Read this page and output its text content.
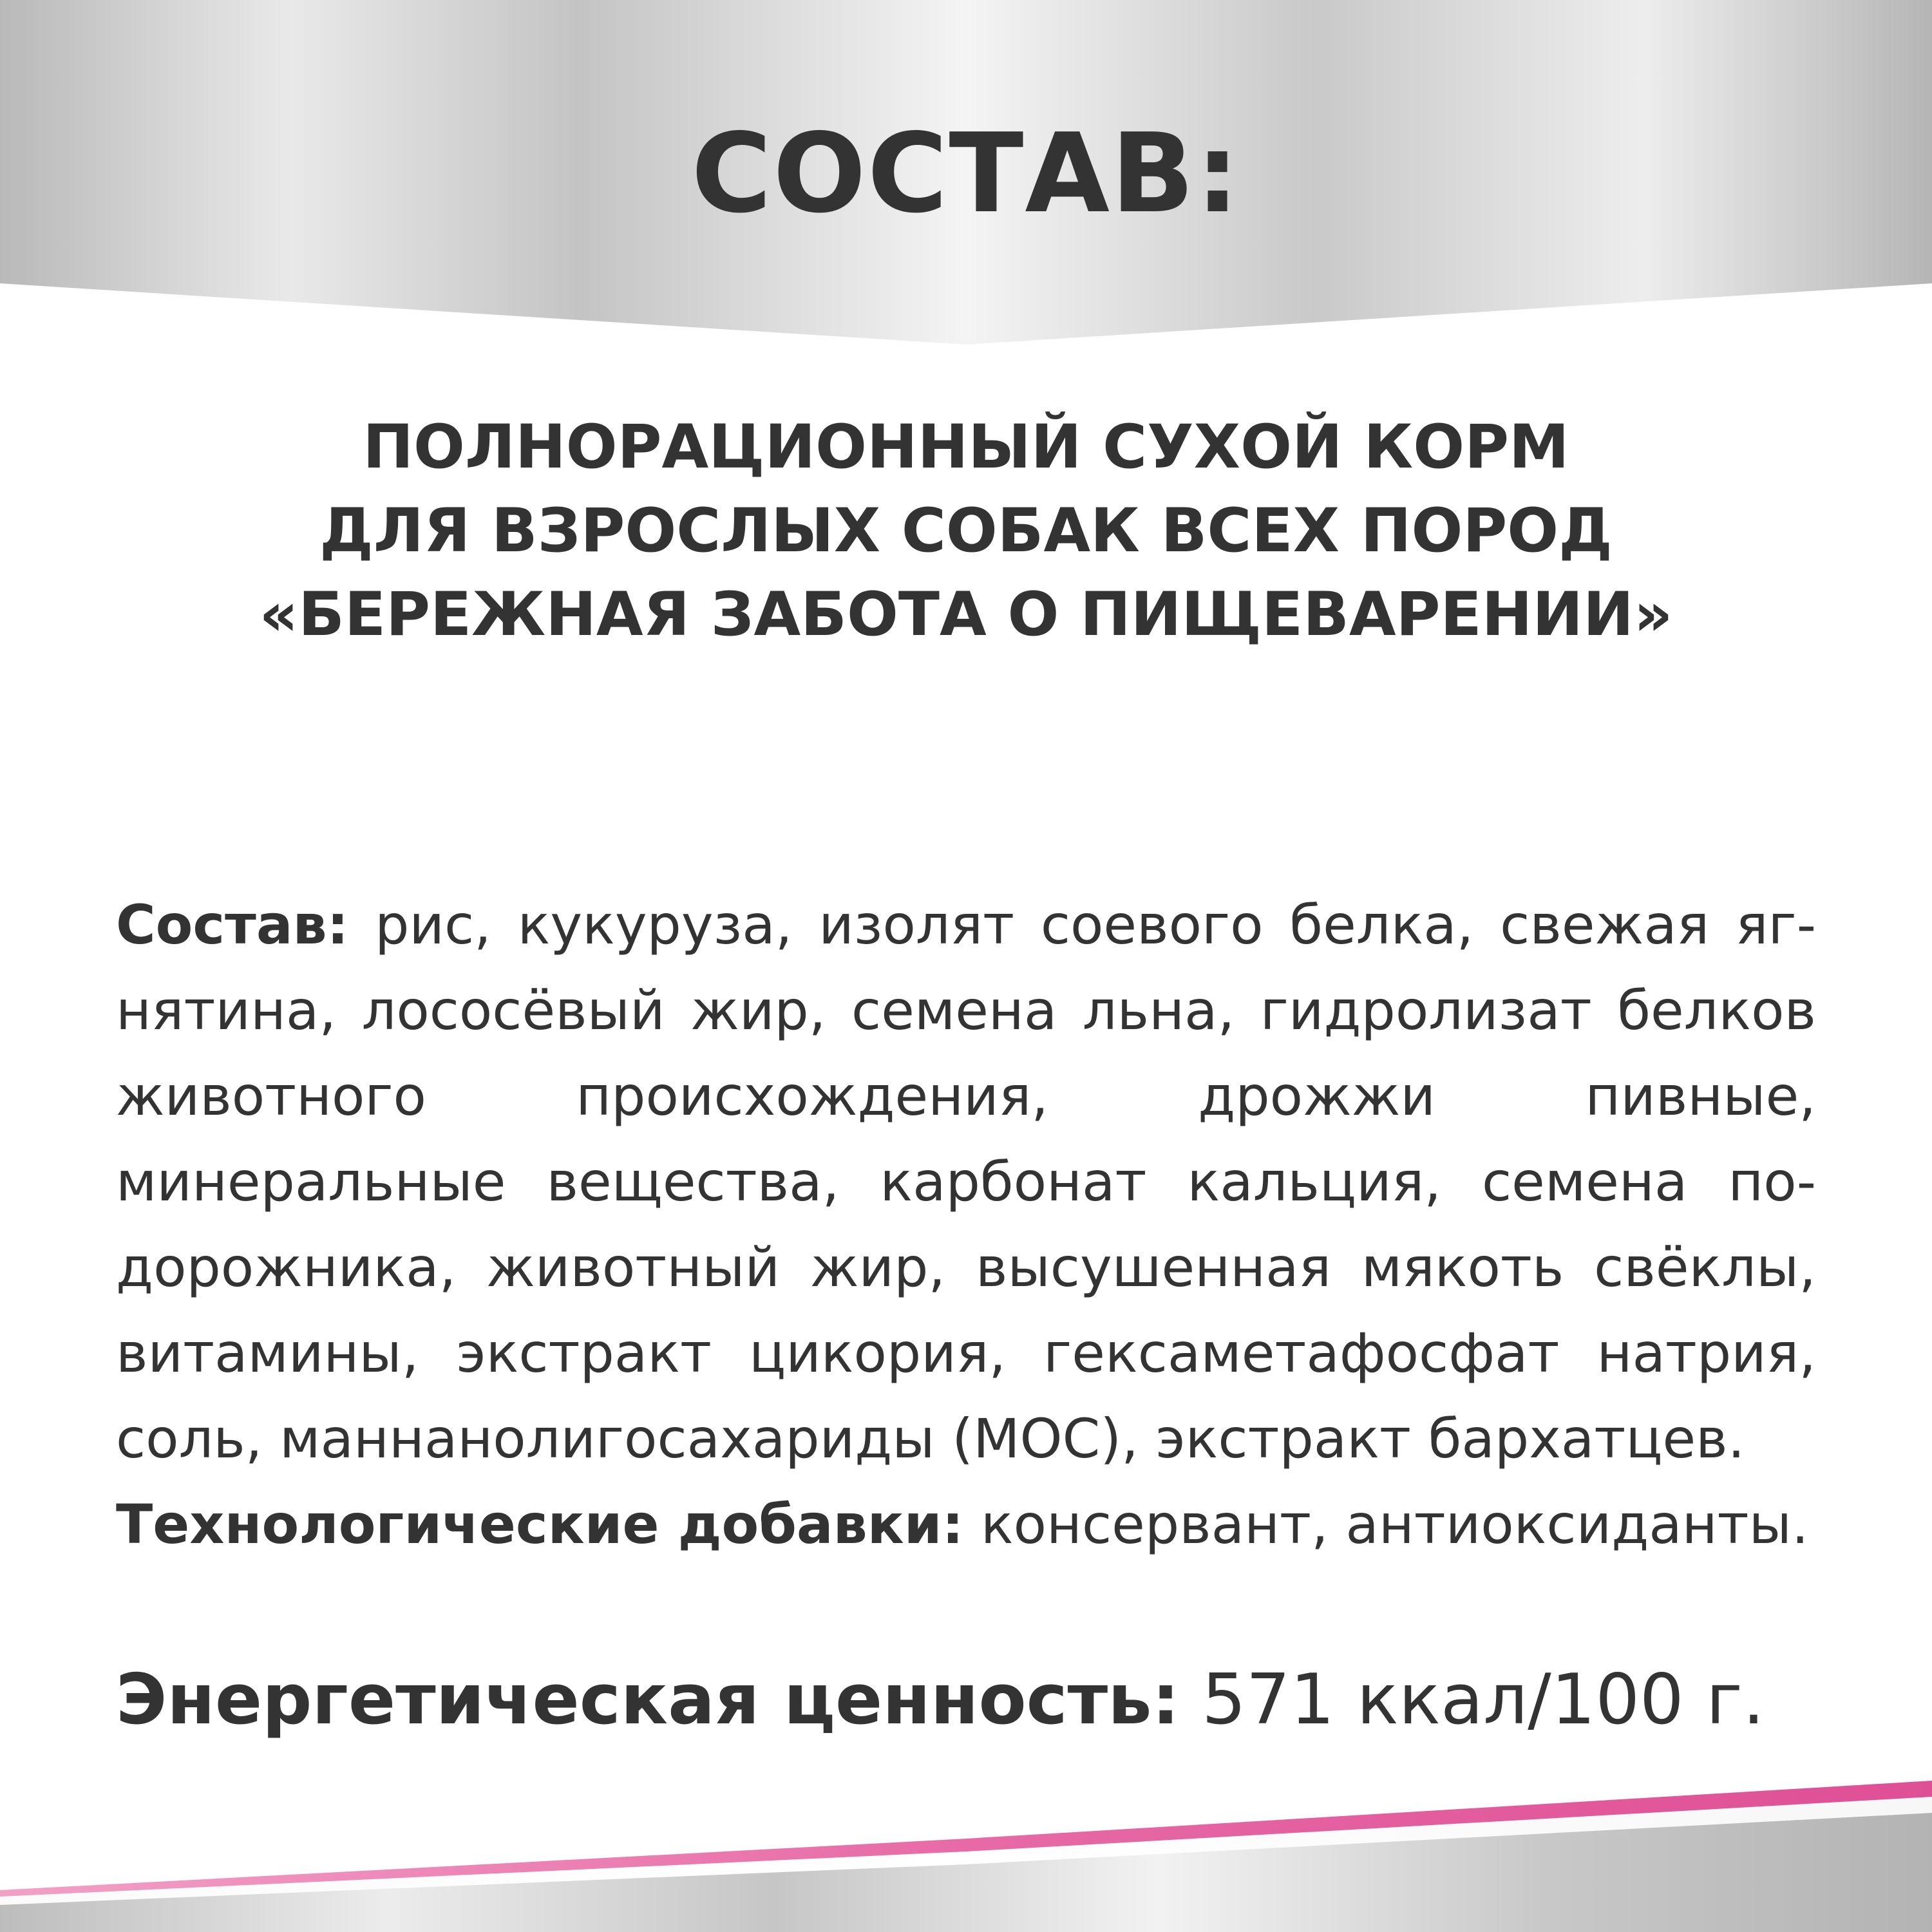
СОСТАВ:
ПОЛНОРАЦИОННЫЙ СУХОЙ КОРМ
ДЛЯ ВЗРОСЛЫХ СОБАК ВСЕХ ПОРОД
«БЕРЕЖНАЯ ЗАБОТА О ПИЩЕВАРЕНИИ»

Состав: рис, кукуруза, изолят соевого белка, свежая ягнятина, лососёвый жир, семена льна, гидролизат белков животного происхождения, дрожжи пивные, минеральные вещества, карбонат кальция, семена подорожника, животный жир, высушенная мякоть свёклы, витамины, экстракт цикория, гексаметафосфат натрия, соль, маннанолигосахариды (МОС), экстракт бархатцев.
Технологические добавки: консервант, антиоксиданты.

Энергетическая ценность: 571 ккал/100 г.
